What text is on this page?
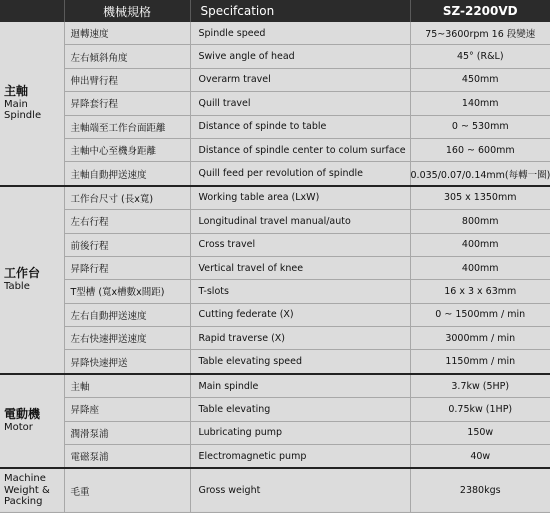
	機械規格	Specifcation	SZ-2200VD

主軸
Main Spindle	迴轉速度	Spindle speed	75~3600rpm 16 段變速
	左右傾斜角度	Swive angle of head	45° (R&L)
	伸出臂行程	Overarm travel	450mm
	昇降套行程	Quill travel	140mm
	主軸端至工作台面距離	Distance of spinde to table	0 ~ 530mm
	主軸中心至機身距離	Distance of spindle center to colum surface	160 ~ 600mm
	主軸自動押送速度	Quill feed per revolution of spindle	0.035/0.07/0.14mm(每轉一圈)

工作台
Table	工作台尺寸 (長x寬)	Working table area (LxW)	305 x 1350mm
	左右行程	Longitudinal travel manual/auto	800mm
	前後行程	Cross travel	400mm
	昇降行程	Vertical travel of knee	400mm
	T型槽 (寬x槽數x間距)	T-slots	16 x 3 x 63mm
	左右自動押送速度	Cutting federate (X)	0 ~ 1500mm / min
	左右快速押送速度	Rapid traverse (X)	3000mm / min
	昇降快速押送	Table elevating speed	1150mm / min

電動機
Motor	主軸	Main spindle	3.7kw (5HP)
	昇降座	Table elevating	0.75kw (1HP)
	潤滑泵浦	Lubricating pump	150w
	電磁泵浦	Electromagnetic pump	40w
Machine Weight & Packing	毛重	Gross weight	2380kgs
